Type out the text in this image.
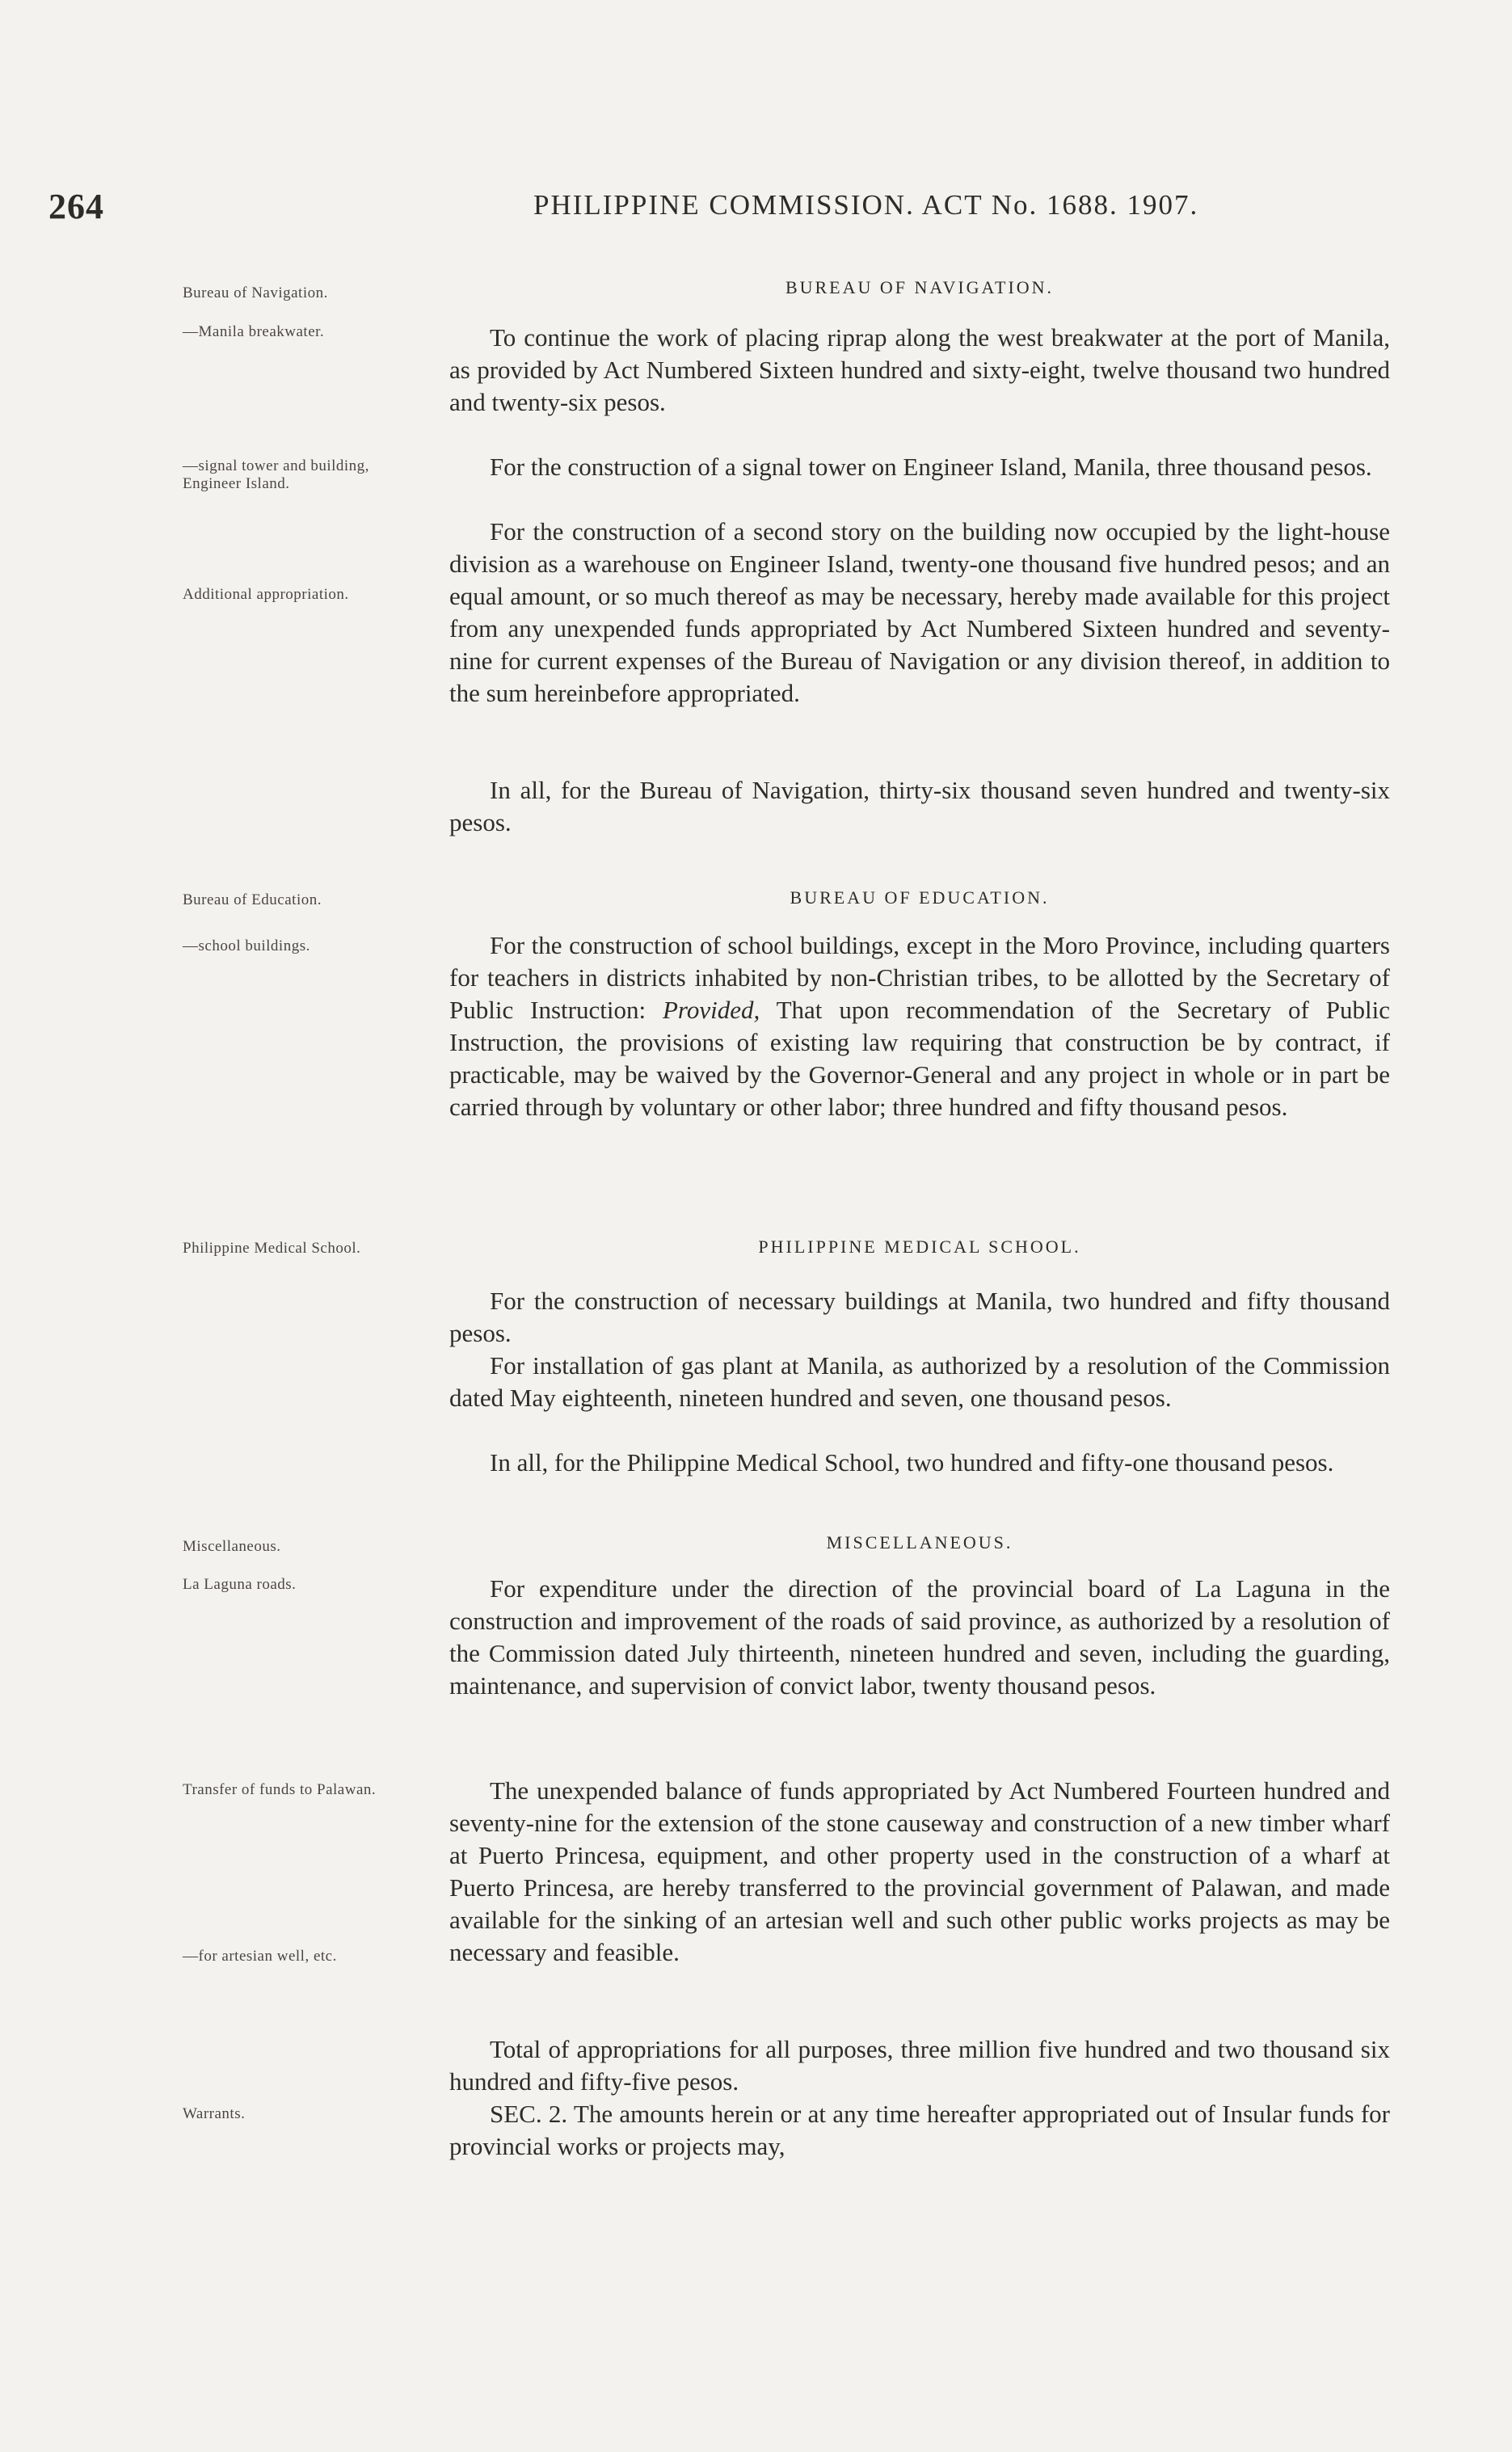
264	PHILIPPINE COMMISSION. ACT No. 1688. 1907.
Bureau of Navigation.
—Manila breakwater.
—signal tower and building, Engineer Island.
Additional appropriation.
Bureau of Education.
—school buildings.
Philippine Medical School.
Miscellaneous.
La Laguna roads.
Transfer of funds to Palawan.
—for artesian well, etc.
Warrants.
BUREAU OF NAVIGATION.
BUREAU OF EDUCATION.
PHILIPPINE MEDICAL SCHOOL.
MISCELLANEOUS.
To continue the work of placing riprap along the west breakwater at the port of Manila, as provided by Act Numbered Sixteen hundred and sixty-eight, twelve thousand two hundred and twenty-six pesos.
For the construction of a signal tower on Engineer Island, Manila, three thousand pesos.
For the construction of a second story on the building now occupied by the light-house division as a warehouse on Engineer Island, twenty-one thousand five hundred pesos; and an equal amount, or so much thereof as may be necessary, hereby made available for this project from any unexpended funds appropriated by Act Numbered Sixteen hundred and seventy-nine for current expenses of the Bureau of Navigation or any division thereof, in addition to the sum hereinbefore appropriated.
In all, for the Bureau of Navigation, thirty-six thousand seven hundred and twenty-six pesos.
For the construction of school buildings, except in the Moro Province, including quarters for teachers in districts inhabited by non-Christian tribes, to be allotted by the Secretary of Public Instruction: Provided, That upon recommendation of the Secretary of Public Instruction, the provisions of existing law requiring that construction be by contract, if practicable, may be waived by the Governor-General and any project in whole or in part be carried through by voluntary or other labor; three hundred and fifty thousand pesos.
For the construction of necessary buildings at Manila, two hundred and fifty thousand pesos.
For installation of gas plant at Manila, as authorized by a resolution of the Commission dated May eighteenth, nineteen hundred and seven, one thousand pesos.
In all, for the Philippine Medical School, two hundred and fifty-one thousand pesos.
For expenditure under the direction of the provincial board of La Laguna in the construction and improvement of the roads of said province, as authorized by a resolution of the Commission dated July thirteenth, nineteen hundred and seven, including the guarding, maintenance, and supervision of convict labor, twenty thousand pesos.
The unexpended balance of funds appropriated by Act Numbered Fourteen hundred and seventy-nine for the extension of the stone causeway and construction of a new timber wharf at Puerto Princesa, equipment, and other property used in the construction of a wharf at Puerto Princesa, are hereby transferred to the provincial government of Palawan, and made available for the sinking of an artesian well and such other public works projects as may be necessary and feasible.
Total of appropriations for all purposes, three million five hundred and two thousand six hundred and fifty-five pesos.
SEC. 2. The amounts herein or at any time hereafter appropriated out of Insular funds for provincial works or projects may,
